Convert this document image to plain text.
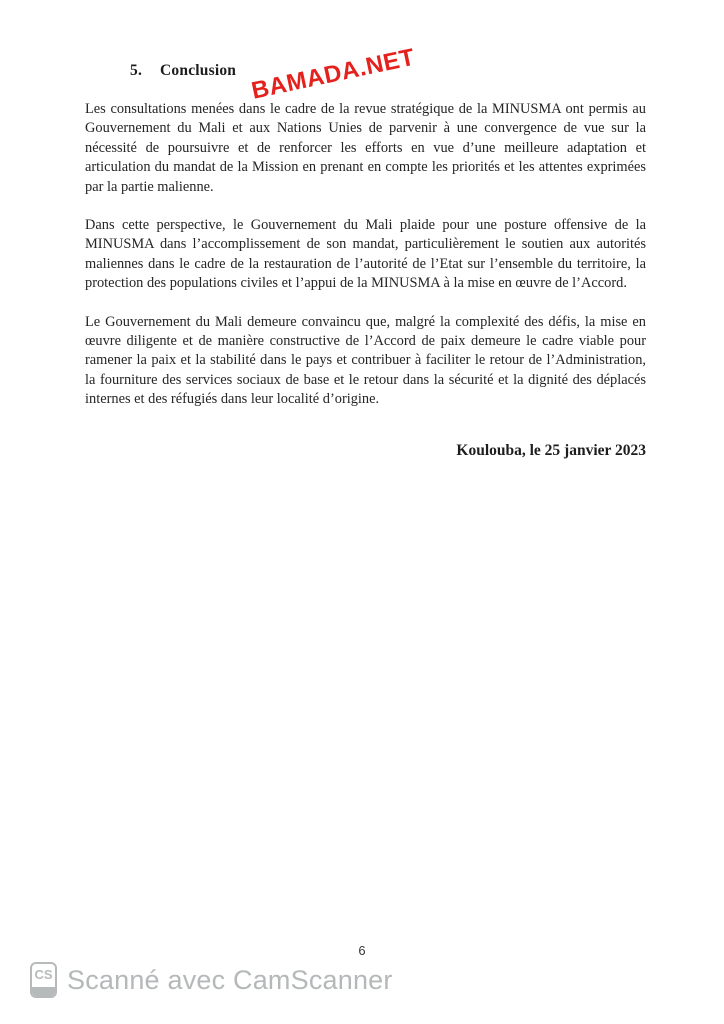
BAMADA.NET

5. Conclusion

Les consultations menées dans le cadre de la revue stratégique de la MINUSMA ont permis au Gouvernement du Mali et aux Nations Unies de parvenir à une convergence de vue sur la nécessité de poursuivre et de renforcer les efforts en vue d’une meilleure adaptation et articulation du mandat de la Mission en prenant en compte les priorités et les attentes exprimées par la partie malienne.

Dans cette perspective, le Gouvernement du Mali plaide pour une posture offensive de la MINUSMA dans l’accomplissement de son mandat, particulièrement le soutien aux autorités maliennes dans le cadre de la restauration de l’autorité de l’Etat sur l’ensemble du territoire, la protection des populations civiles et l’appui de la MINUSMA à la mise en œuvre de l’Accord.

Le Gouvernement du Mali demeure convaincu que, malgré la complexité des défis, la mise en œuvre diligente et de manière constructive de l’Accord de paix demeure le cadre viable pour ramener la paix et la stabilité dans le pays et contribuer à faciliter le retour de l’Administration, la fourniture des services sociaux de base et le retour dans la sécurité et la dignité des déplacés internes et des réfugiés dans leur localité d’origine.

Koulouba, le 25 janvier 2023

6
CS Scanné avec CamScanner
